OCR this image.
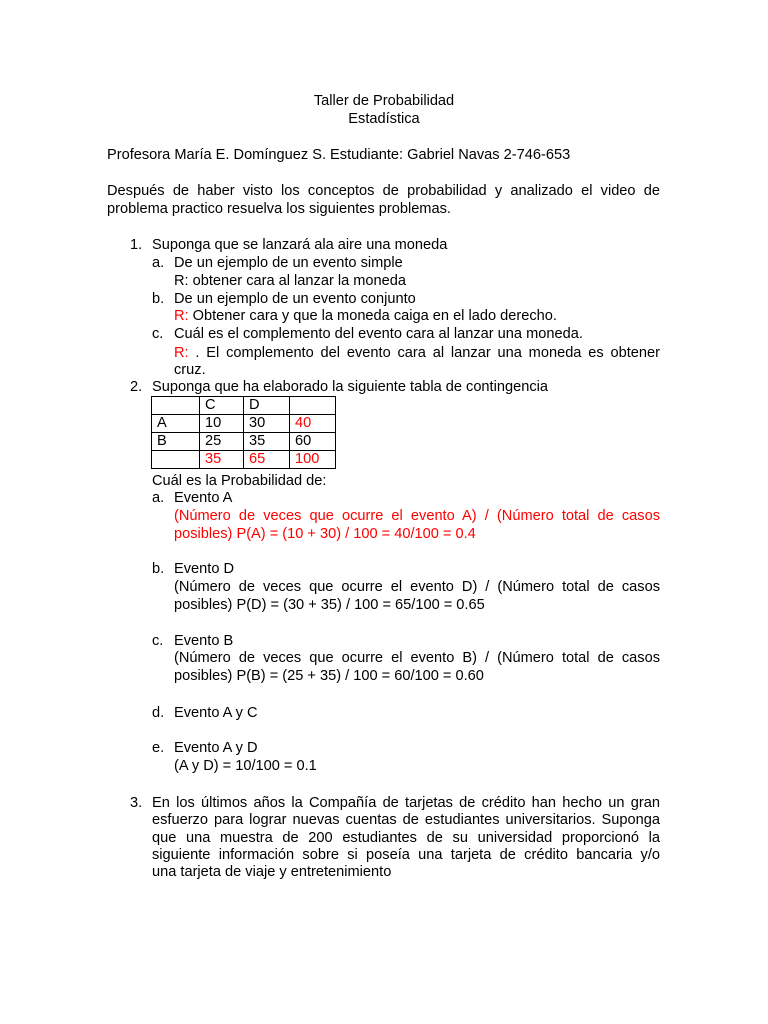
Taller de Probabilidad
Estadística
Profesora María E. Domínguez S. Estudiante: Gabriel Navas 2-746-653
Después de haber visto los conceptos de probabilidad y analizado el video de
problema practico resuelva los siguientes problemas.
1. Suponga que se lanzará ala aire una moneda
a. De un ejemplo de un evento simple
R: obtener cara al lanzar la moneda
b. De un ejemplo de un evento conjunto
R: Obtener cara y que la moneda caiga en el lado derecho.
c. Cuál es el complemento del evento cara al lanzar una moneda.
R: . El complemento del evento cara al lanzar una moneda es obtener
cruz.
2. Suponga que ha elaborado la siguiente tabla de contingencia
	C	D	
A	10	30	40
B	25	35	60
	35	65	100
Cuál es la Probabilidad de:
a. Evento A
(Número de veces que ocurre el evento A) / (Número total de casos
posibles) P(A) = (10 + 30) / 100 = 40/100 = 0.4
b. Evento D
(Número de veces que ocurre el evento D) / (Número total de casos
posibles) P(D) = (30 + 35) / 100 = 65/100 = 0.65
c. Evento B
(Número de veces que ocurre el evento B) / (Número total de casos
posibles) P(B) = (25 + 35) / 100 = 60/100 = 0.60
d. Evento A y C
e. Evento A y D
(A y D) = 10/100 = 0.1
3. En los últimos años la Compañía de tarjetas de crédito han hecho un gran
esfuerzo para lograr nuevas cuentas de estudiantes universitarios. Suponga
que una muestra de 200 estudiantes de su universidad proporcionó la
siguiente información sobre si poseía una tarjeta de crédito bancaria y/o
una tarjeta de viaje y entretenimiento
